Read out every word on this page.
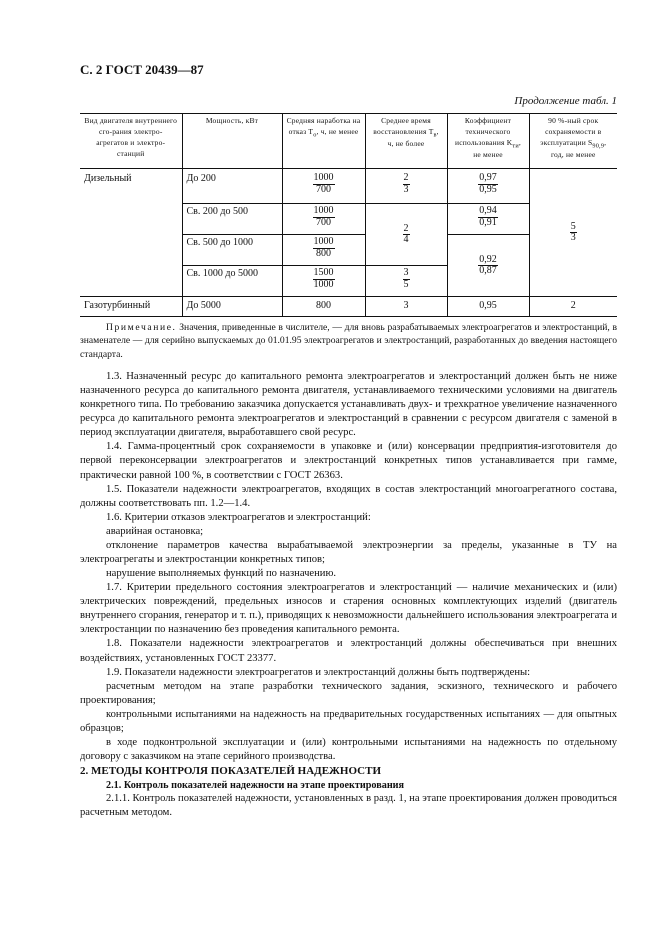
С. 2 ГОСТ 20439—87
Продолжение табл. 1
Вид двигателя внутреннего сго-рания электро-агрегатов и электро-станций	Мощность, кВт	Средняя наработка на отказ $T_о$, ч, не менее	Среднее время восстановления $T_в$, ч, не более	Коэффициент технического использования $K_{ти}$, не менее	90 %-ный срок сохраняемости в эксплуатации $S_{90,9}$, год, не менее
Дизельный	До 200	$\frac{1000}{700}$	$\frac{2}{3}$	$\frac{0,97}{0,95}$	$\frac{5}{3}$

	Св. 200 до 500	$\frac{1000}{700}$	$\frac{2}{4}$	$\frac{0,94}{0,91}$

	Св. 500 до 1000	$\frac{1000}{800}$		$\frac{0,92}{0,87}$

	Св. 1000 до 5000	$\frac{1500}{1000}$	$\frac{3}{5}$

Газотурбинный	До 5000	800	3	0,95	2
Примечание. Значения, приведенные в числителе, — для вновь разрабатываемых электроагрегатов и электростанций, в знаменателе — для серийно выпускаемых до 01.01.95 электроагрегатов и электростанций, разработанных до введения настоящего стандарта.

1.3. Назначенный ресурс до капитального ремонта электроагрегатов и электростанций должен быть не ниже назначенного ресурса до капитального ремонта двигателя, устанавливаемого техническими условиями на двигатель конкретного типа. По требованию заказчика допускается устанавливать двух- и трехкратное увеличение назначенного ресурса до капитального ремонта электроагрегатов и электростанций в сравнении с ресурсом двигателя с заменой в период эксплуатации двигателя, выработавшего свой ресурс.

1.4. Гамма-процентный срок сохраняемости в упаковке и (или) консервации предприятия-изготовителя до первой переконсервации электроагрегатов и электростанций конкретных типов устанавливается при гамме, практически равной 100 %, в соответствии с ГОСТ 26363.

1.5. Показатели надежности электроагрегатов, входящих в состав электростанций многоагрегатного состава, должны соответствовать пп. 1.2—1.4.

1.6. Критерии отказов электроагрегатов и электростанций:

аварийная остановка;

отклонение параметров качества вырабатываемой электроэнергии за пределы, указанные в ТУ на электроагрегаты и электростанции конкретных типов;

нарушение выполняемых функций по назначению.

1.7. Критерии предельного состояния электроагрегатов и электростанций — наличие механических и (или) электрических повреждений, предельных износов и старения основных комплектующих изделий (двигатель внутреннего сгорания, генератор и т. п.), приводящих к невозможности дальнейшего использования электроагрегата и электростанции по назначению без проведения капитального ремонта.

1.8. Показатели надежности электроагрегатов и электростанций должны обеспечиваться при внешних воздействиях, установленных ГОСТ 23377.

1.9. Показатели надежности электроагрегатов и электростанций должны быть подтверждены:

расчетным методом на этапе разработки технического задания, эскизного, технического и рабочего проектирования;

контрольными испытаниями на надежность на предварительных государственных испытаниях — для опытных образцов;

в ходе подконтрольной эксплуатации и (или) контрольными испытаниями на надежность по отдельному договору с заказчиком на этапе серийного производства.

2. МЕТОДЫ КОНТРОЛЯ ПОКАЗАТЕЛЕЙ НАДЕЖНОСТИ

2.1. Контроль показателей надежности на этапе проектирования

2.1.1. Контроль показателей надежности, установленных в разд. 1, на этапе проектирования должен проводиться расчетным методом.
